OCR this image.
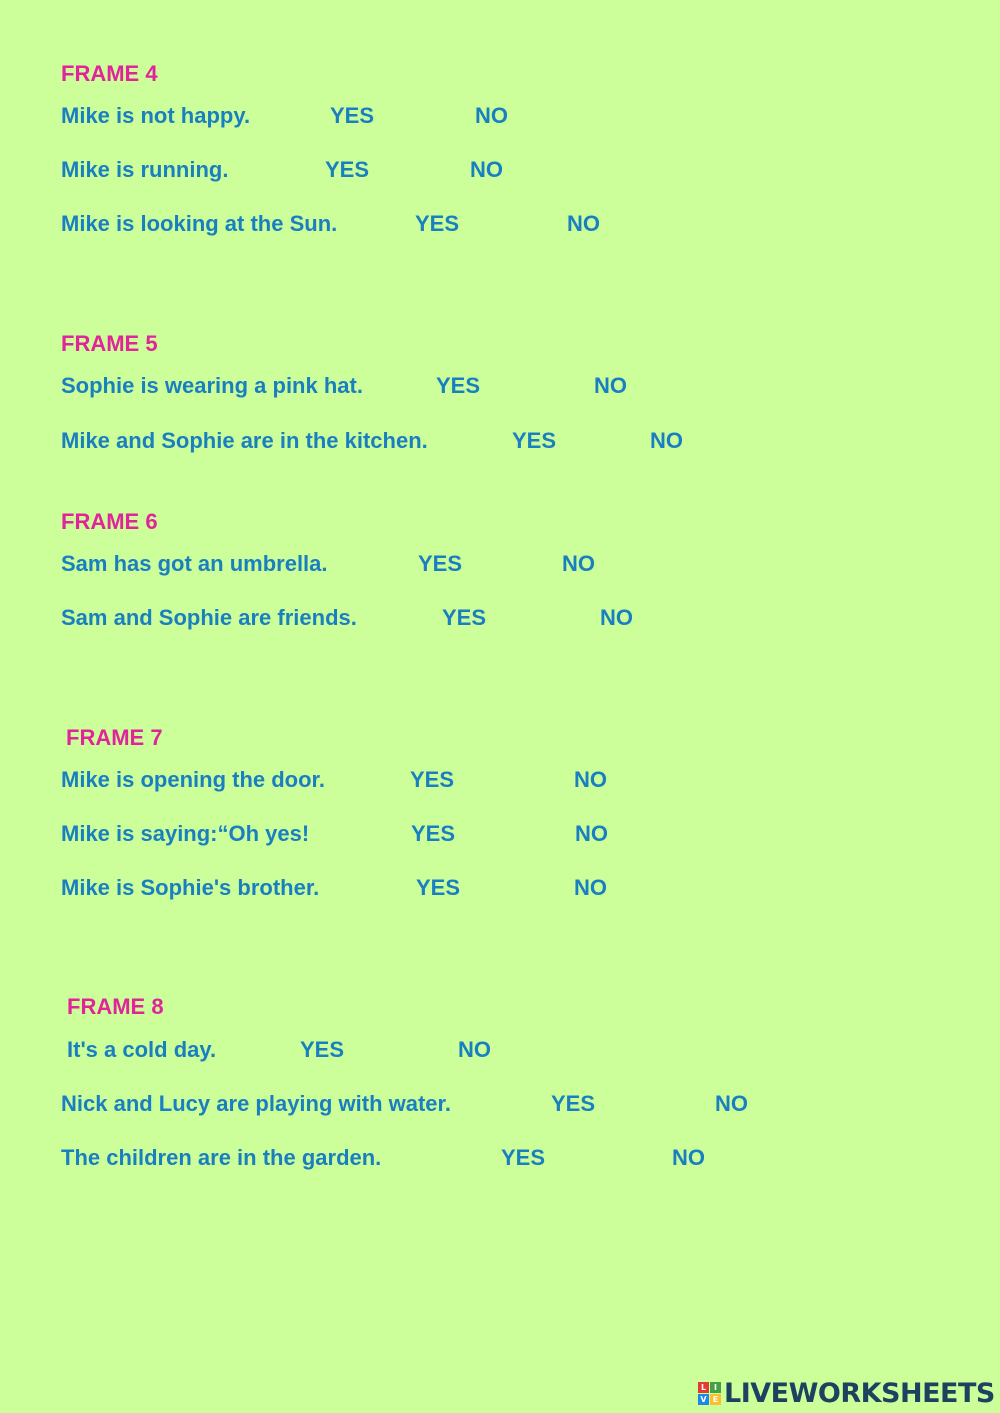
FRAME 4
Mike is not happy.	YES	NO
Mike is running.	YES	NO
Mike is looking at the Sun.	YES	NO
FRAME 5
Sophie is wearing a pink hat.	YES	NO
Mike and Sophie are in the kitchen.	YES	NO
FRAME 6
Sam has got an umbrella.	YES	NO
Sam and Sophie are friends.	YES	NO
FRAME 7
Mike is opening the door.	YES	NO
Mike is saying:“Oh yes!	YES	NO
Mike is Sophie's brother.	YES	NO
FRAME 8
It's a cold day.	YES	NO
Nick and Lucy are playing with water.	YES	NO
The children are in the garden.	YES	NO
L I
V E LIVEWORKSHEETS
